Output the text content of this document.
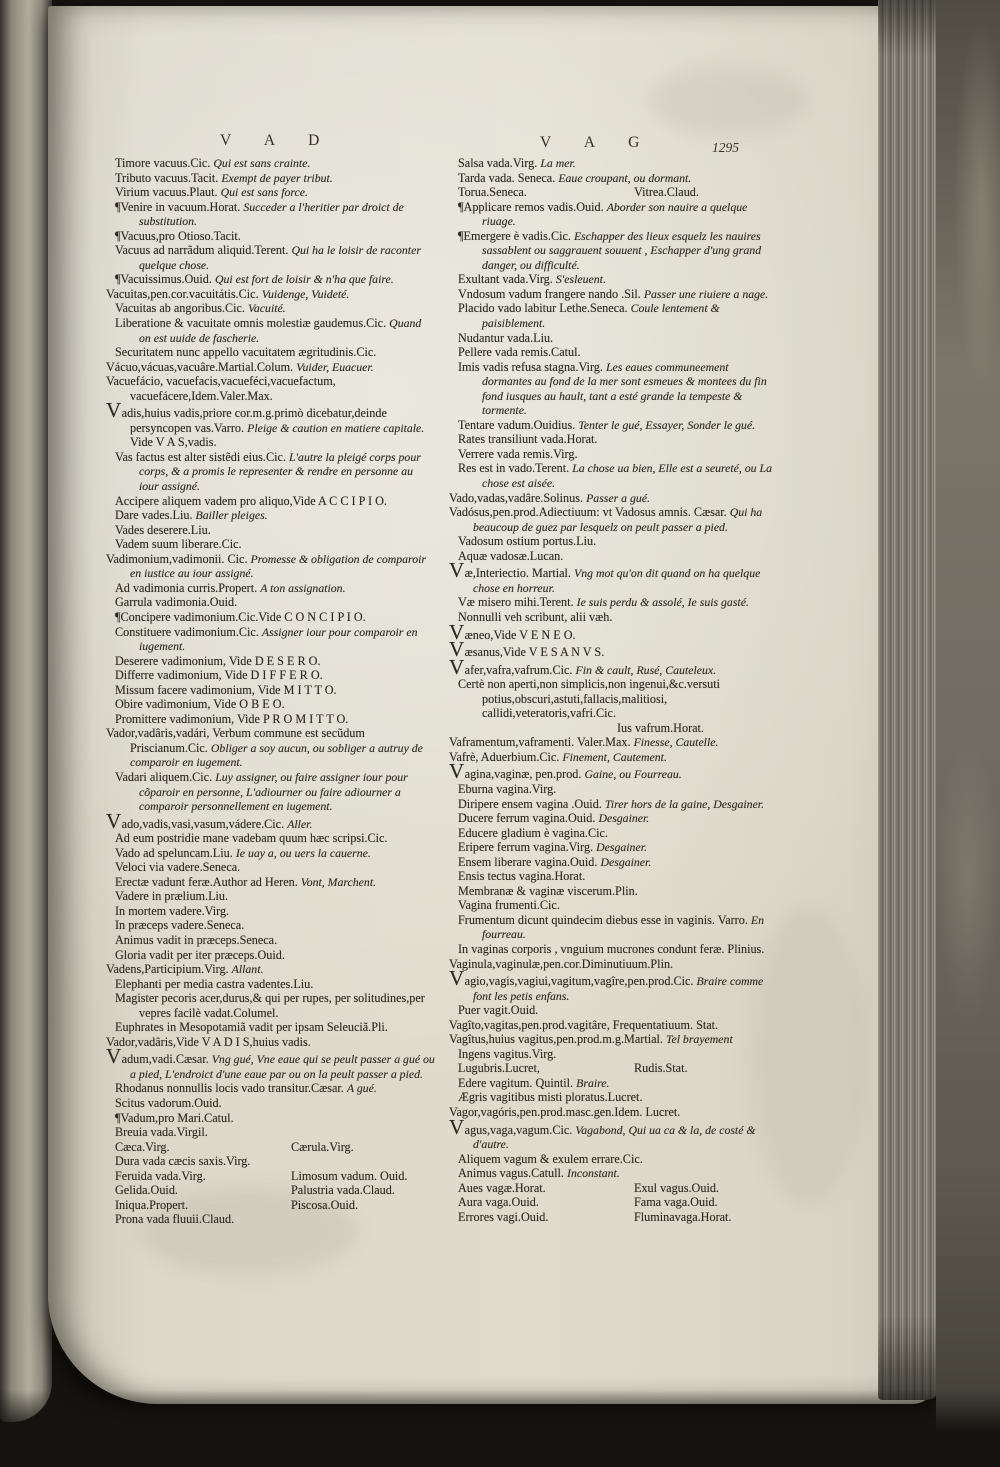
V A D	V A G	1295

Timore vacuus.Cic. Qui est sans crainte.

Tributo vacuus.Tacit. Exempt de payer tribut.

Virium vacuus.Plaut. Qui est sans force.

¶Venire in vacuum.Horat. Succeder a l'heritier par droict de substitution.

¶Vacuus,pro Otioso.Tacit.

Vacuus ad narrãdum aliquid.Terent. Qui ha le loisir de raconter quelque chose.

¶Vacuissimus.Ouid. Qui est fort de loisir & n'ha que faire.

Vacuitas,pen.cor.vacuitátis.Cic. Vuidenge, Vuideté.

Vacuitas ab angoribus.Cic. Vacuité.

Liberatione & vacuitate omnis molestiæ gaudemus.Cic. Quand on est uuide de fascherie.

Securitatem nunc appello vacuitatem ægritudinis.Cic.

Vácuo,vácuas,vacuâre.Martial.Colum. Vuider, Euacuer.

Vacuefácio, vacuefacis,vacueféci,vacuefactum, vacuefácere,Idem.Valer.Max.

Vadis,huius vadis,priore cor.m.g.primò dicebatur,deinde persyncopen vas.Varro. Pleige & caution en matiere capitale. Vide V A S,vadis.

Vas factus est alter sistẽdi eius.Cic. L'autre la pleigé corps pour corps, & a promis le representer & rendre en personne au iour assigné.

Accipere aliquem vadem pro aliquo,Vide A C C I P I O.

Dare vades.Liu. Bailler pleiges.

Vades deserere.Liu.

Vadem suum liberare.Cic.

Vadimonium,vadimonii. Cic. Promesse & obligation de comparoir en iustice au iour assigné.

Ad vadimonia curris.Propert. A ton assignation.

Garrula vadimonia.Ouid.

¶Concipere vadimonium.Cic.Vide C O N C I P I O.

Constituere vadimonium.Cic. Assigner iour pour comparoir en iugement.

Deserere vadimonium, Vide D E S E R O.

Differre vadimonium, Vide D I F F E R O.

Missum facere vadimonium, Vide M I T T O.

Obire vadimonium, Vide O B E O.

Promittere vadimonium, Vide P R O M I T T O.

Vador,vadâris,vadári, Verbum commune est secũdum Priscianum.Cic. Obliger a soy aucun, ou sobliger a autruy de comparoir en iugement.

Vadari aliquem.Cic. Luy assigner, ou faire assigner iour pour cõparoir en personne, L'adiourner ou faire adiourner a comparoir personnellement en iugement.

Vado,vadis,vasi,vasum,vádere.Cic. Aller.

Ad eum postridie mane vadebam quum hæc scripsi.Cic.

Vado ad speluncam.Liu. Ie uay a, ou uers la cauerne.

Veloci via vadere.Seneca.

Erectæ vadunt feræ.Author ad Heren. Vont, Marchent.

Vadere in prælium.Liu.

In mortem vadere.Virg.

In præceps vadere.Seneca.

Animus vadit in præceps.Seneca.

Gloria vadit per iter præceps.Ouid.

Vadens,Participium.Virg. Allant.

Elephanti per media castra vadentes.Liu.

Magister pecoris acer,durus,& qui per rupes, per solitudines,per vepres facilè vadat.Columel.

Euphrates in Mesopotamiã vadit per ipsam Seleuciã.Pli.

Vador,vadâris,Vide V A D I S,huius vadis.

Vadum,vadi.Cæsar. Vng gué, Vne eaue qui se peult passer a gué ou a pied, L'endroict d'une eaue par ou on la peult passer a pied.

Rhodanus nonnullis locis vado transitur.Cæsar. A gué.

Scitus vadorum.Ouid.

¶Vadum,pro Mari.Catul.

Breuia vada.Virgil.

Cæca.Virg.	Cærula.Virg.

Dura vada cæcis saxis.Virg.

Feruida vada.Virg.	Limosum vadum. Ouid.

Gelida.Ouid.	Palustria vada.Claud.

Iniqua.Propert.	Piscosa.Ouid.

Prona vada fluuii.Claud.

Salsa vada.Virg. La mer.

Tarda vada. Seneca. Eaue croupant, ou dormant.

Torua.Seneca.	Vitrea.Claud.

¶Applicare remos vadis.Ouid. Aborder son nauire a quelque riuage.

¶Emergere è vadis.Cic. Eschapper des lieux esquelz les nauires sassablent ou saggrauent souuent , Eschapper d'ung grand danger, ou difficulté.

Exultant vada.Virg. S'esleuent.

Vndosum vadum frangere nando .Sil. Passer une riuiere a nage.

Placido vado labitur Lethe.Seneca. Coule lentement & paisiblement.

Nudantur vada.Liu.

Pellere vada remis.Catul.

Imis vadis refusa stagna.Virg. Les eaues communeement dormantes au fond de la mer sont esmeues & montees du fin fond iusques au hault, tant a esté grande la tempeste & tormente.

Tentare vadum.Ouidius. Tenter le gué, Essayer, Sonder le gué.

Rates transiliunt vada.Horat.

Verrere vada remis.Virg.

Res est in vado.Terent. La chose ua bien, Elle est a seureté, ou La chose est aisée.

Vado,vadas,vadâre.Solinus. Passer a gué.

Vadósus,pen.prod.Adiectiuum: vt Vadosus amnis. Cæsar. Qui ha beaucoup de guez par lesquelz on peult passer a pied.

Vadosum ostium portus.Liu.

Aquæ vadosæ.Lucan.

Væ,Interiectio. Martial. Vng mot qu'on dit quand on ha quelque chose en horreur.

Væ misero mihi.Terent. Ie suis perdu & assolé, Ie suis gasté.

Nonnulli veh scribunt, alii væh.

Væneo,Vide V E N E O.

Væsanus,Vide V E S A N V S.

Vafer,vafra,vafrum.Cic. Fin & cault, Rusé, Cauteleux.

Certè non aperti,non simplicis,non ingenui,&c.versuti potius,obscuri,astuti,fallacis,malitiosi, callidi,veteratoris,vafri.Cic.

Ius vafrum.Horat.

Vaframentum,vaframenti. Valer.Max. Finesse, Cautelle.

Vafrè, Aduerbium.Cic. Finement, Cautement.

Vagina,vaginæ, pen.prod. Gaine, ou Fourreau.

Eburna vagina.Virg.

Diripere ensem vagina .Ouid. Tirer hors de la gaine, Desgainer.

Ducere ferrum vagina.Ouid. Desgainer.

Educere gladium è vagina.Cic.

Eripere ferrum vagina.Virg. Desgainer.

Ensem liberare vagina.Ouid. Desgainer.

Ensis tectus vagina.Horat.

Membranæ & vaginæ viscerum.Plin.

Vagina frumenti.Cic.

Frumentum dicunt quindecim diebus esse in vaginis. Varro. En fourreau.

In vaginas corporis , vnguium mucrones condunt feræ. Plinius.

Vaginula,vaginulæ,pen.cor.Diminutiuum.Plin.

Vagio,vagis,vagiui,vagitum,vagîre,pen.prod.Cic. Braire comme font les petis enfans.

Puer vagit.Ouid.

Vagîto,vagitas,pen.prod.vagitâre, Frequentatiuum. Stat.

Vagîtus,huius vagitus,pen.prod.m.g.Martial. Tel brayement

Ingens vagitus.Virg.

Lugubris.Lucret,	Rudis.Stat.

Edere vagitum. Quintil. Braire.

Ægris vagitibus misti ploratus.Lucret.

Vagor,vagóris,pen.prod.masc.gen.Idem. Lucret.

Vagus,vaga,vagum.Cic. Vagabond, Qui ua ca & la, de costé & d'autre.

Aliquem vagum & exulem errare.Cic.

Animus vagus.Catull. Inconstant.

Aues vagæ.Horat.	Exul vagus.Ouid.

Aura vaga.Ouid.	Fama vaga.Ouid.

Errores vagi.Ouid.	Fluminavaga.Horat.
